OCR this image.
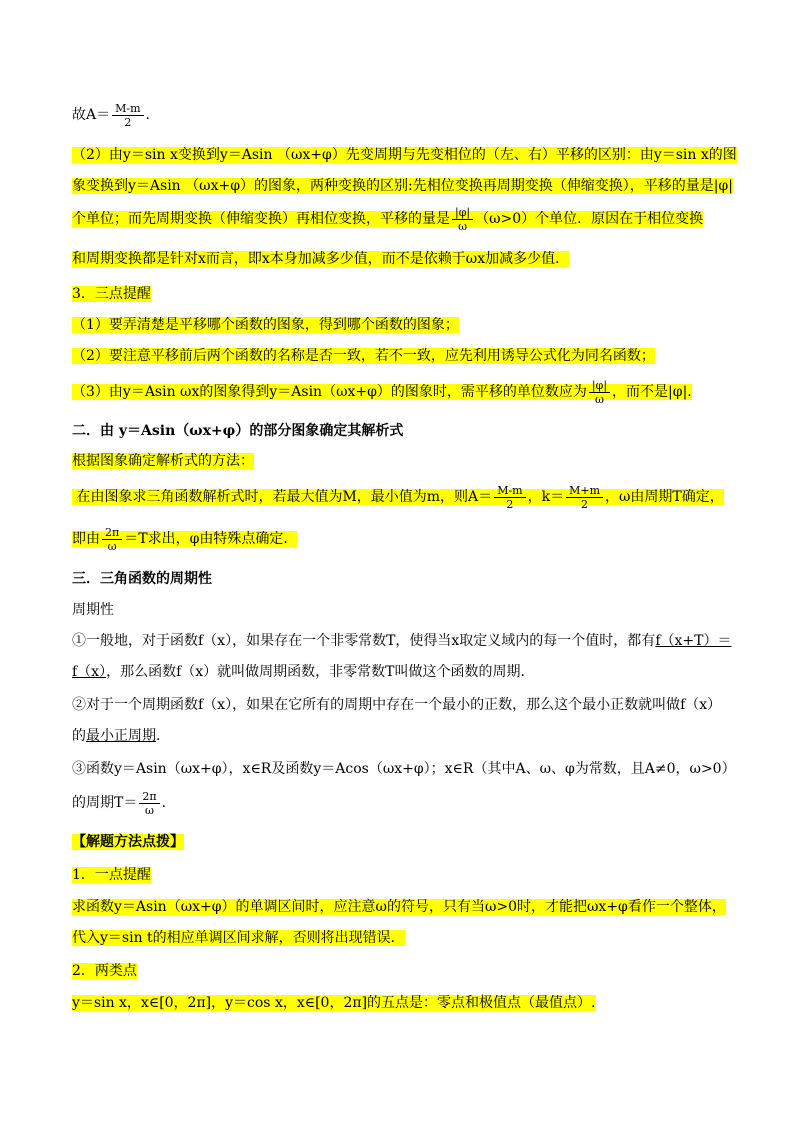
故$A= \frac{M-m}{2}$ .
（2）由y＝sin x变换到y＝Asin （ωx+φ）先变周期与先变相位的（左、右）平移的区别：由y＝sin x的图
象变换到y＝Asin （ωx+φ）的图象，两种变换的区别:先相位变换再周期变换（伸缩变换），平移的量是|φ|
个单位；而先周期变换（伸缩变换）再相位变换，平移的量是 $\frac{|\varphi|}{\omega} (\omega>0)$个单位．原因在于相位变换
和周期变换都是针对x而言，即x本身加减多少值，而不是依赖于ωx加减多少值．
3．三点提醒
（1）要弄清楚是平移哪个函数的图象，得到哪个函数的图象；
（2）要注意平移前后两个函数的名称是否一致，若不一致，应先利用诱导公式化为同名函数；
（3）由y＝Asin ωx的图象得到y＝Asin（ωx+φ）的图象时，需平移的单位数应为 $\frac{|\varphi|}{\omega}$ ，而不是|φ|.
二．由 y＝Asin（ωx+φ）的部分图象确定其解析式
根据图象确定解析式的方法：
在由图象求三角函数解析式时，若最大值为M，最小值为m，则$A= \frac{M-m}{2}$ ，$k= \frac{M+m}{2}$ ，ω由周期T确定，
即由 $\frac{2\pi}{\omega} =T$求出，φ由特殊点确定．
三．三角函数的周期性
周期性
①一般地，对于函数f（x），如果存在一个非零常数T，使得当x取定义域内的每一个值时，都有f（x+T）＝
f（x），那么函数f（x）就叫做周期函数，非零常数T叫做这个函数的周期．
②对于一个周期函数f（x），如果在它所有的周期中存在一个最小的正数，那么这个最小正数就叫做f（x）
的最小正周期．
③函数y＝Asin（ωx+φ），x∈R及函数y＝Acos（ωx+φ）；x∈R（其中A、ω、φ为常数，且A≠0，ω>0）
的周期$T= \frac{2\pi}{\omega}$ .
【解题方法点拨】
1．一点提醒
求函数y＝Asin（ωx+φ）的单调区间时，应注意ω的符号，只有当ω>0时，才能把ωx+φ看作一个整体，
代入y＝sin t的相应单调区间求解，否则将出现错误．
2．两类点
y＝sin x，x∈[0，2π]，y＝cos x，x∈[0，2π]的五点是：零点和极值点（最值点）.
